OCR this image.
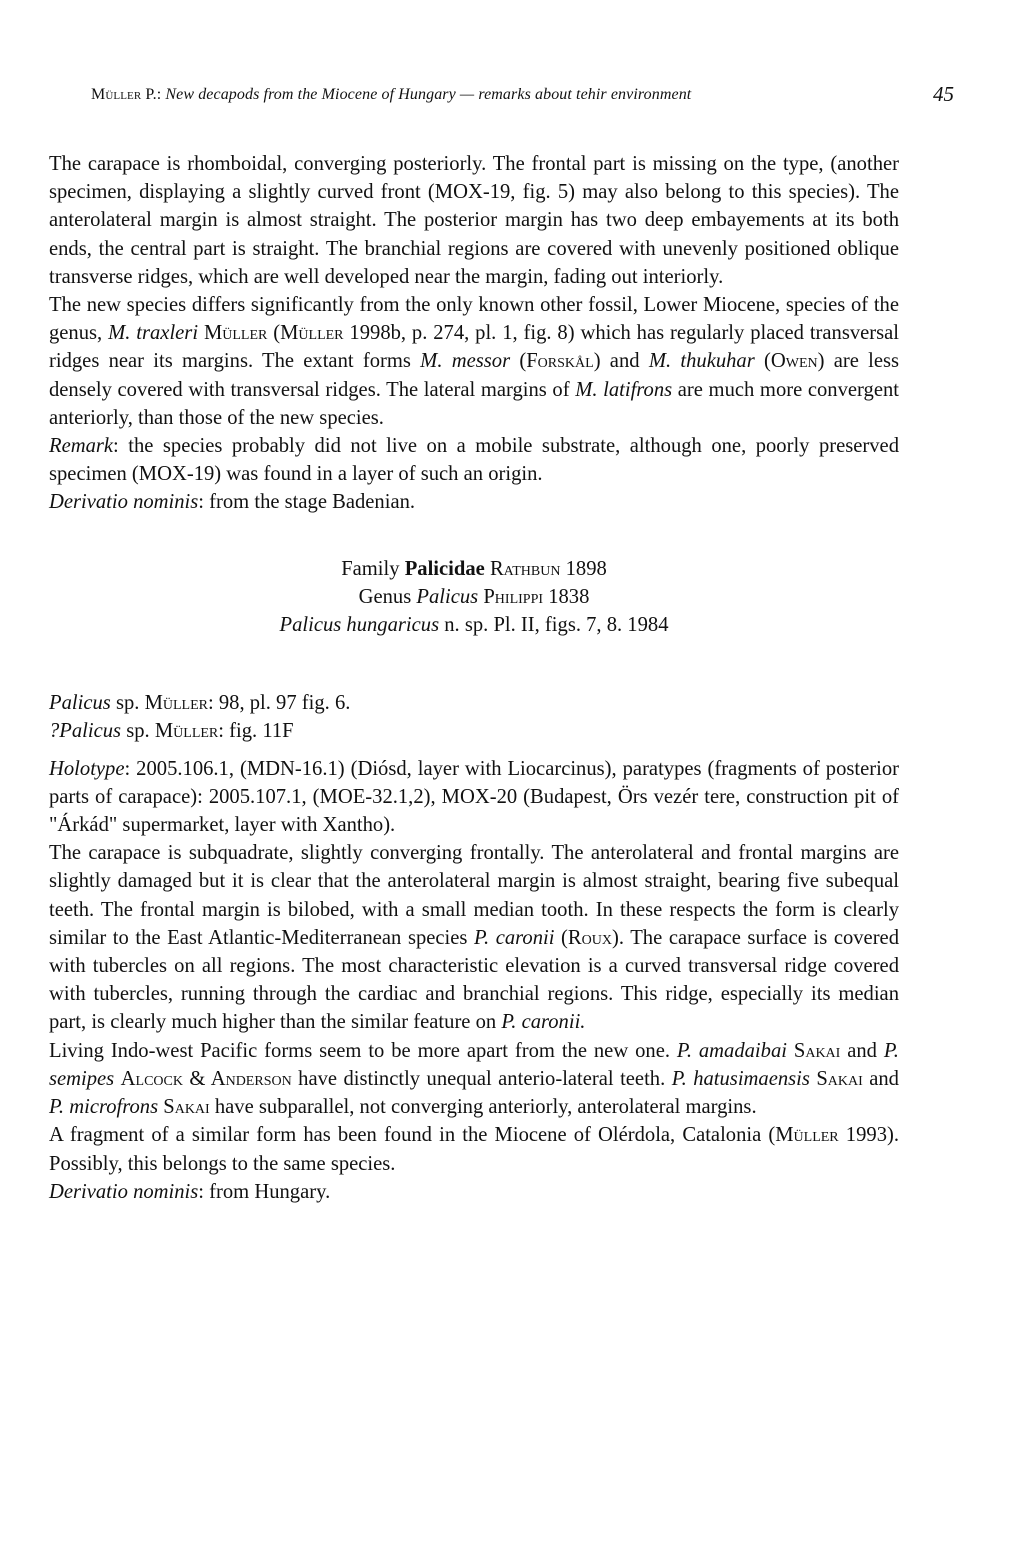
Müller P.: New decapods from the Miocene of Hungary — remarks about tehir environment	45

The carapace is rhomboidal, converging posteriorly. The frontal part is missing on the type, (another specimen, displaying a slightly curved front (MOX-19, fig. 5) may also belong to this species). The anterolateral margin is almost straight. The posterior margin has two deep embayements at its both ends, the central part is straight. The branchial regions are covered with unevenly positioned oblique transverse ridges, which are well developed near the margin, fading out interiorly.

The new species differs significantly from the only known other fossil, Lower Miocene, species of the genus, M. traxleri Müller (Müller 1998b, p. 274, pl. 1, fig. 8) which has regularly placed transversal ridges near its margins. The extant forms M. messor (Forskål) and M. thukuhar (Owen) are less densely covered with transversal ridges. The lateral margins of M. latifrons are much more convergent anteriorly, than those of the new species.

Remark: the species probably did not live on a mobile substrate, although one, poorly preserved specimen (MOX-19) was found in a layer of such an origin.

Derivatio nominis: from the stage Badenian.

Family Palicidae Rathbun 1898
Genus Palicus Philippi 1838
Palicus hungaricus n. sp. Pl. II, figs. 7, 8. 1984

Palicus sp. Müller: 98, pl. 97 fig. 6.

?Palicus sp. Müller: fig. 11F

Holotype: 2005.106.1, (MDN-16.1) (Diósd, layer with Liocarcinus), paratypes (fragments of posterior parts of carapace): 2005.107.1, (MOE-32.1,2), MOX-20 (Budapest, Örs vezér tere, construction pit of "Árkád" supermarket, layer with Xantho).

The carapace is subquadrate, slightly converging frontally. The anterolateral and frontal margins are slightly damaged but it is clear that the anterolateral margin is almost straight, bearing five subequal teeth. The frontal margin is bilobed, with a small median tooth. In these respects the form is clearly similar to the East Atlantic-Mediterranean species P. caronii (Roux). The carapace surface is covered with tubercles on all regions. The most characteristic elevation is a curved transversal ridge covered with tubercles, running through the cardiac and branchial regions. This ridge, especially its median part, is clearly much higher than the similar feature on P. caronii.

Living Indo-west Pacific forms seem to be more apart from the new one. P. amadaibai Sakai and P. semipes Alcock & Anderson have distinctly unequal anterio-lateral teeth. P. hatusimaensis Sakai and P. microfrons Sakai have subparallel, not converging anteriorly, anterolateral margins.

A fragment of a similar form has been found in the Miocene of Olérdola, Catalonia (Müller 1993). Possibly, this belongs to the same species.

Derivatio nominis: from Hungary.
